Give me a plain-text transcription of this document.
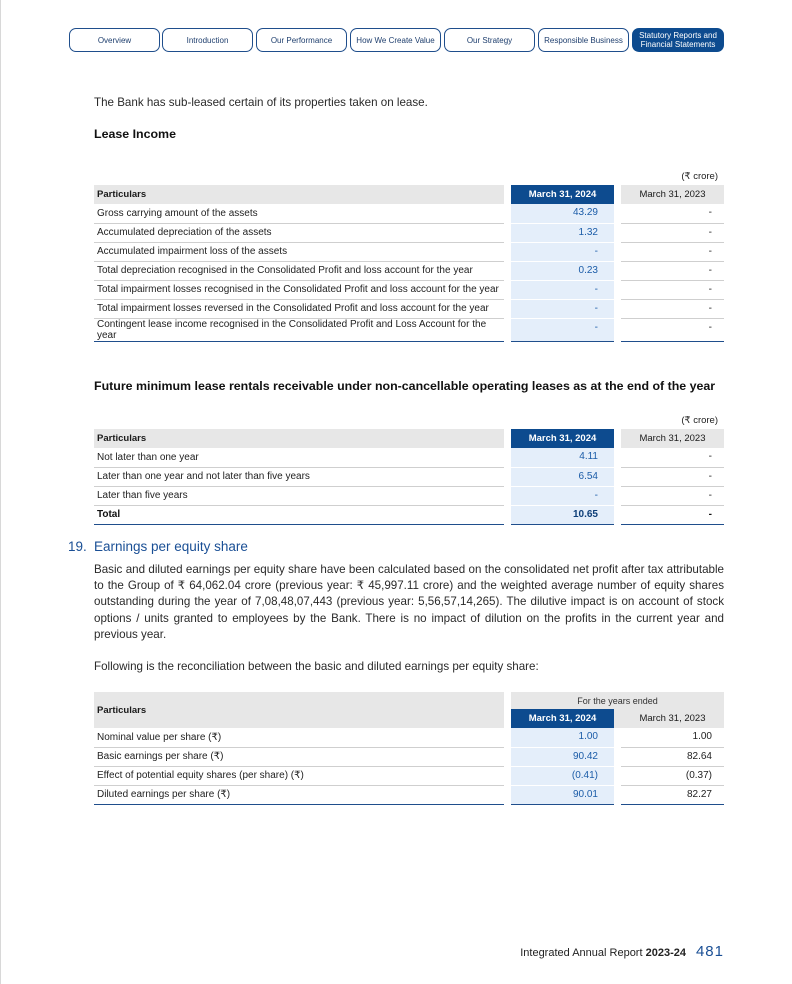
Overview	Introduction	Our Performance	How We Create Value	Our Strategy	Responsible Business	Statutory Reports and Financial Statements
The Bank has sub-leased certain of its properties taken on lease.
Lease Income
(₹ crore)
Particulars		March 31, 2024		March 31, 2023
Gross carrying amount of the assets		43.29		-
Accumulated depreciation of the assets		1.32		-
Accumulated impairment loss of the assets		-		-
Total depreciation recognised in the Consolidated Profit and loss account for the year		0.23		-
Total impairment losses recognised in the Consolidated Profit and loss account for the year		-		-
Total impairment losses reversed in the Consolidated Profit and loss account for the year		-		-
Contingent lease income recognised in the Consolidated Profit and Loss Account for the year		-		-
Future minimum lease rentals receivable under non-cancellable operating leases as at the end of the year
(₹ crore)
Particulars		March 31, 2024		March 31, 2023
Not later than one year		4.11		-
Later than one year and not later than five years		6.54		-
Later than five years		-		-
Total		10.65		-
19. Earnings per equity share
Basic and diluted earnings per equity share have been calculated based on the consolidated net profit after tax attributable to the Group of ₹ 64,062.04 crore (previous year: ₹ 45,997.11 crore) and the weighted average number of equity shares outstanding during the year of 7,08,48,07,443 (previous year: 5,56,57,14,265). The dilutive impact is on account of stock options / units granted to employees by the Bank. There is no impact of dilution on the profits in the current year and previous year.
Following is the reconciliation between the basic and diluted earnings per equity share:
Particulars		For the years ended		
		March 31, 2024		March 31, 2023
Nominal value per share (₹)		1.00		1.00
Basic earnings per share (₹)		90.42		82.64
Effect of potential equity shares (per share) (₹)		(0.41)		(0.37)
Diluted earnings per share (₹)		90.01		82.27
Integrated Annual Report 2023-24 481
